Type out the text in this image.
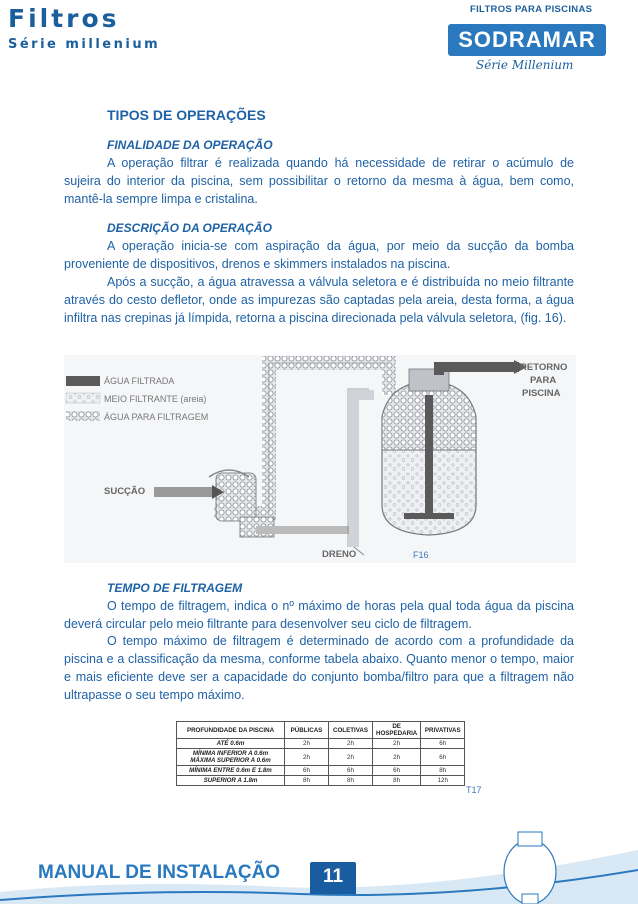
Filtros
Série millenium
FILTROS PARA PISCINAS
SODRAMAR
Série Millenium
TIPOS DE OPERAÇÕES
FINALIDADE DA OPERAÇÃO

A operação filtrar é realizada quando há necessidade de retirar o acúmulo de sujeira do interior da piscina, sem possibilitar o retorno da mesma à água, bem como, mantê-la sempre limpa e cristalina.

DESCRIÇÃO DA OPERAÇÃO

A operação inicia-se com aspiração da água, por meio da sucção da bomba proveniente de dispositivos, drenos e skimmers instalados na piscina.

Após a sucção, a água atravessa a válvula seletora e é distribuída no meio filtrante através do cesto defletor, onde as impurezas são captadas pela areia, desta forma, a água infiltra nas crepinas já límpida, retorna a piscina direcionada pela válvula seletora, (fig. 16).

ÁGUA FILTRADA
MEIO FILTRANTE (areia)
ÁGUA PARA FILTRAGEM
RETORNO
PARA
PISCINA
SUCÇÃO
DRENO	F16
TEMPO DE FILTRAGEM

O tempo de filtragem, indica o nº máximo de horas pela qual toda água da piscina deverá circular pelo meio filtrante para desenvolver seu ciclo de filtragem.

O tempo máximo de filtragem é determinado de acordo com a profundidade da piscina e a classificação da mesma, conforme tabela abaixo. Quanto menor o tempo, maior e mais eficiente deve ser a capacidade do conjunto bomba/filtro para que a filtragem não ultrapasse o seu tempo máximo.

PROFUNDIDADE DA PISCINA	PÚBLICAS	COLETIVAS	DE HOSPEDARIA	PRIVATIVAS
ATÉ 0.6m	2h	2h	2h	6h

MÍNIMA INFERIOR A 0.6m
MÁXIMA SUPERIOR A 0.6m	2h	2h	2h	6h
MÍNIMA ENTRE 0.6m E 1.8m	6h	6h	6h	8h
SUPERIOR A 1.8m	8h	8h	8h	12h
T17
MANUAL DE INSTALAÇÃO	11
